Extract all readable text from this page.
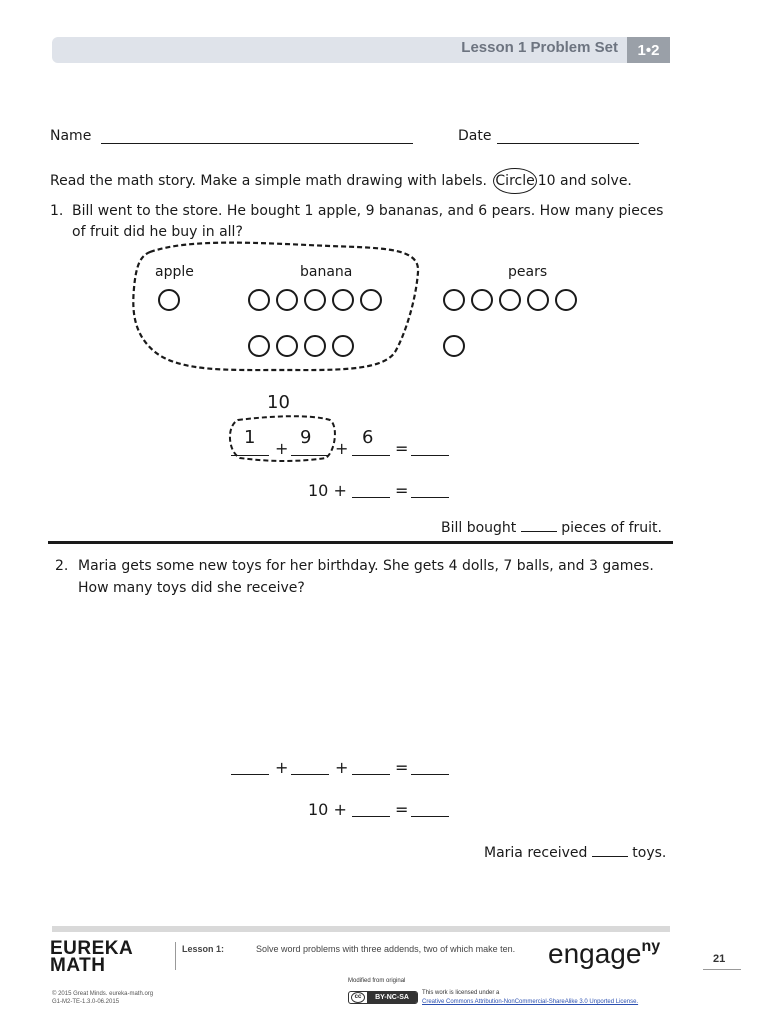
Lesson 1 Problem Set	1•2
Name	Date
Read the math story. Make a simple math drawing with labels. Circle 10 and solve.
1. Bill went to the store. He bought 1 apple, 9 bananas, and 6 pears. How many pieces
of fruit did he buy in all?
apple	banana	pears
10
1 9	6
+	+	=
10 +	=
Bill bought	pieces of fruit.
2. Maria gets some new toys for her birthday. She gets 4 dolls, 7 balls, and 3 games.
How many toys did she receive?
+	+	=
10 +	=
Maria received	toys.
EUREKA
MATH
Lesson 1:	Solve word problems with three addends, two of which make ten. engage$^{ny}$
21
© 2015 Great Minds. eureka-math.org
G1-M2-TE-1.3.0-06.2015
Modified from original
cc	BY-NC-SA
This work is licensed under a
Creative Commons Attribution-NonCommercial-ShareAlike 3.0 Unported License.
